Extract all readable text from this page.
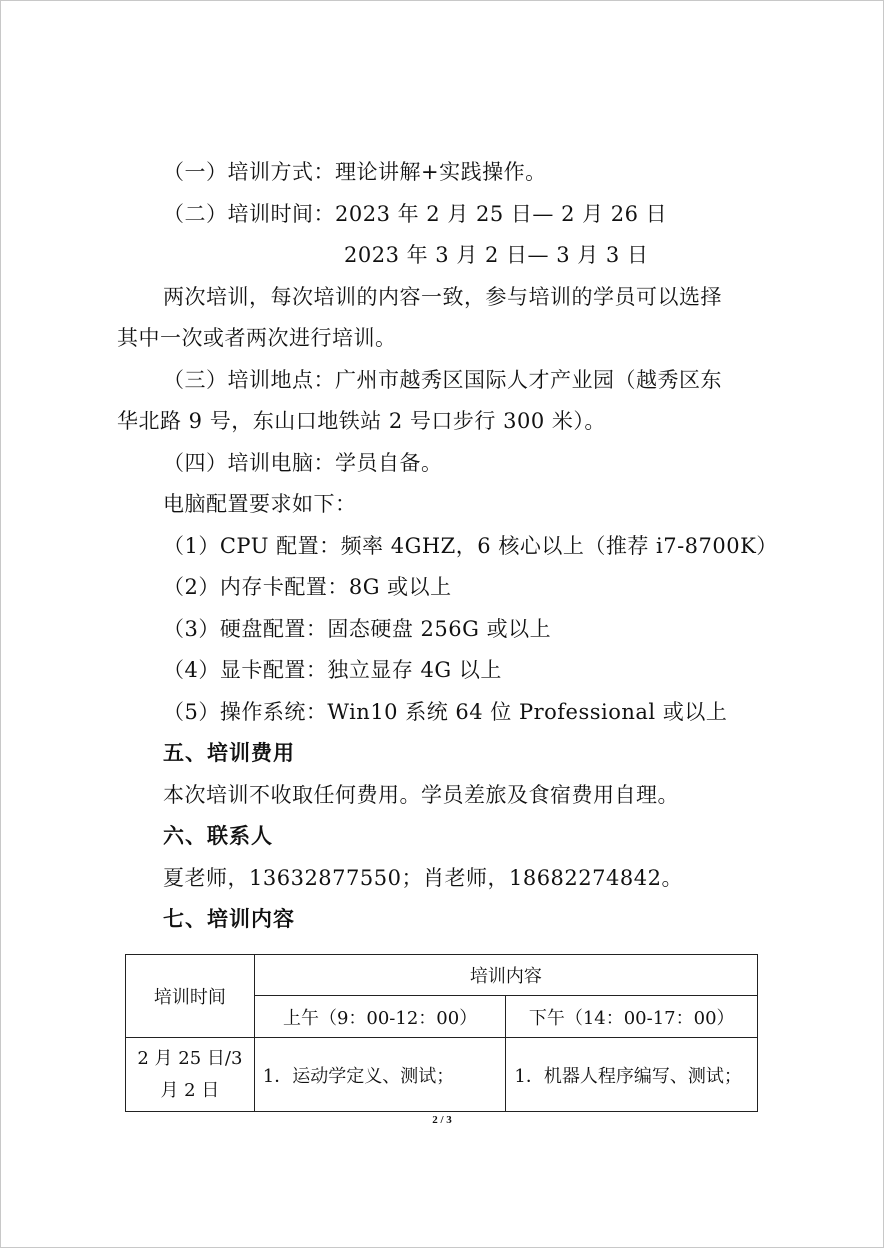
（一）培训方式：理论讲解+实践操作。
（二）培训时间：2023 年 2 月 25 日— 2 月 26 日
2023 年 3 月 2 日— 3 月 3 日
两次培训，每次培训的内容一致，参与培训的学员可以选择
其中一次或者两次进行培训。
（三）培训地点：广州市越秀区国际人才产业园（越秀区东
华北路 9 号，东山口地铁站 2 号口步行 300 米）。
（四）培训电脑：学员自备。
电脑配置要求如下：
（1）CPU 配置：频率 4GHZ，6 核心以上（推荐 i7-8700K）
（2）内存卡配置：8G 或以上
（3）硬盘配置：固态硬盘 256G 或以上
（4）显卡配置：独立显存 4G 以上
（5）操作系统：Win10 系统 64 位 Professional 或以上
五、培训费用
本次培训不收取任何费用。学员差旅及食宿费用自理。
六、联系人
夏老师，13632877550；肖老师，18682274842。
七、培训内容
培训时间	培训内容	
	上午（9：00-12：00）	下午（14：00-17：00）
2 月 25 日/3
月 2 日	1．运动学定义、测试；	1．机器人程序编写、测试；
2 / 3
